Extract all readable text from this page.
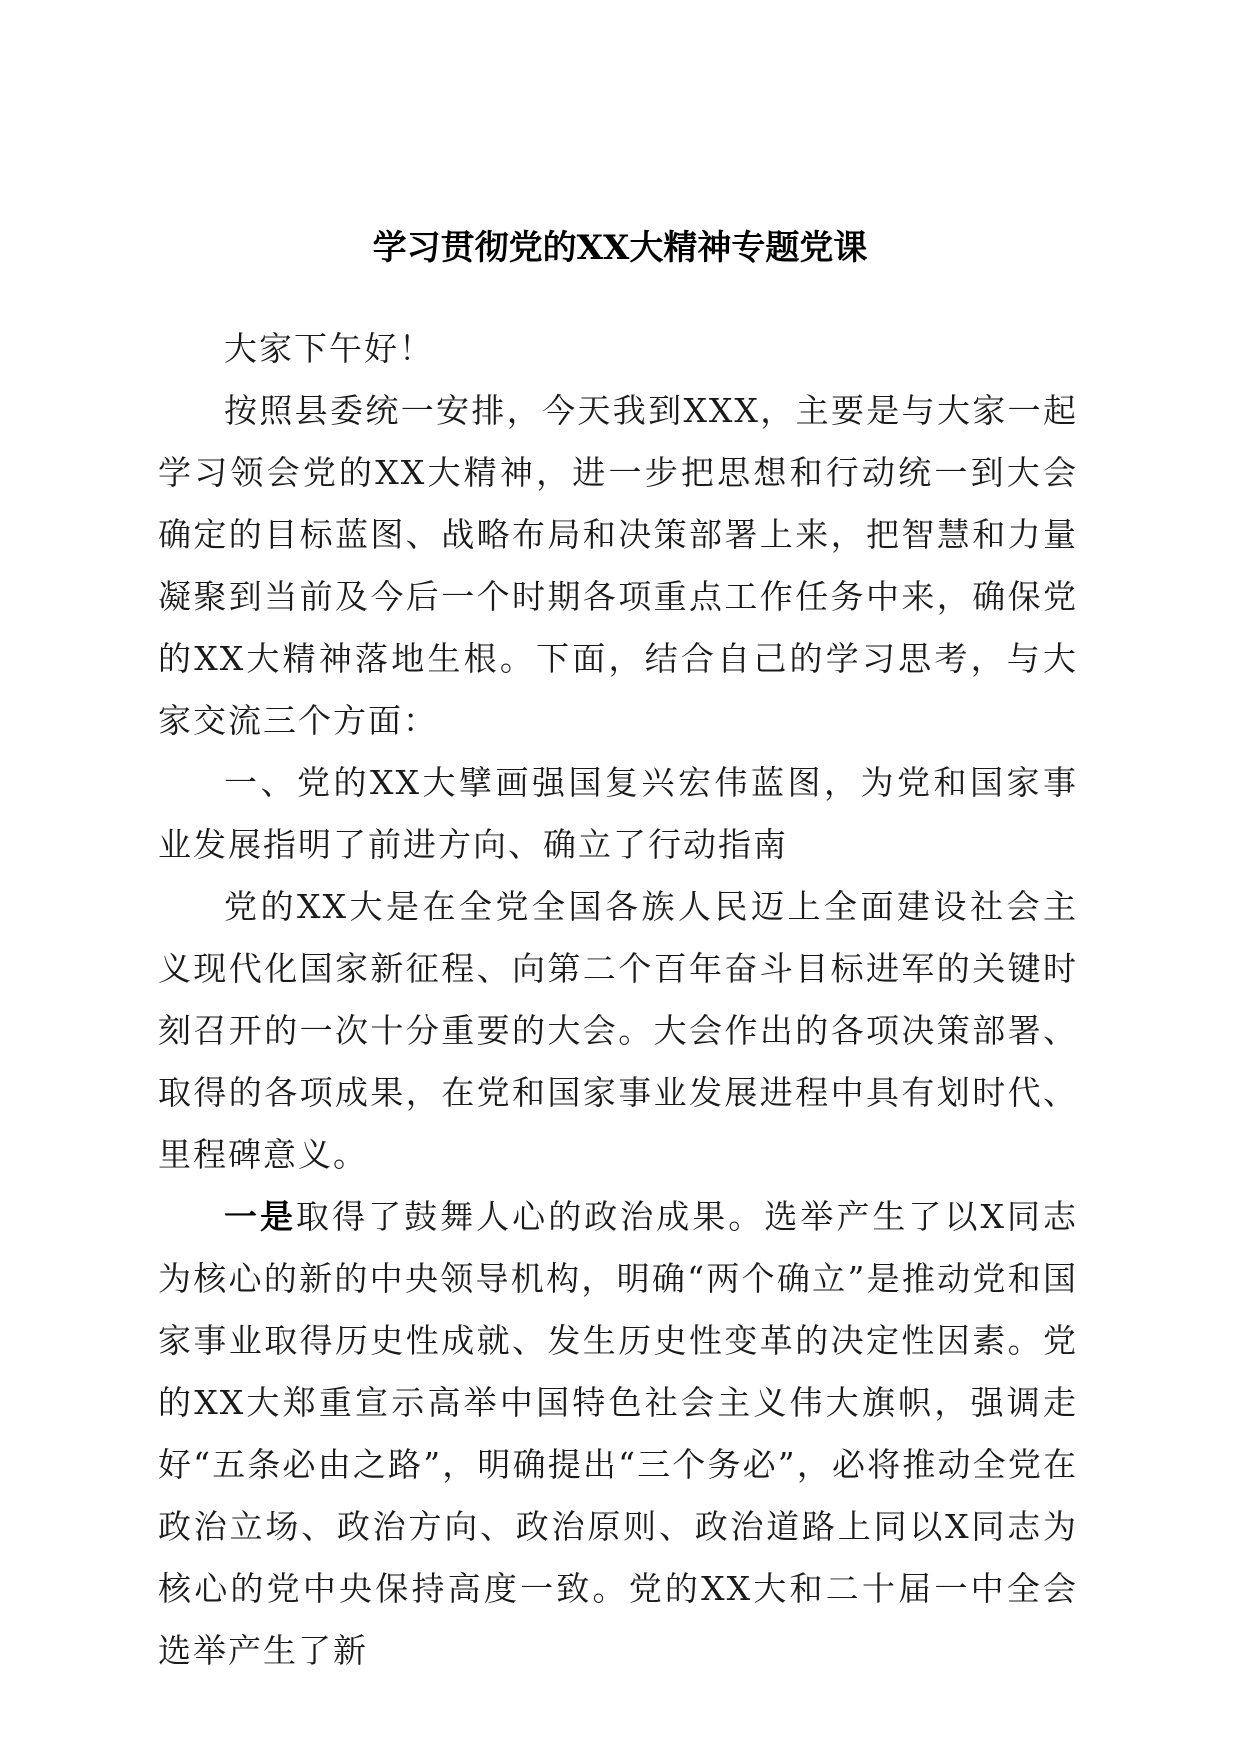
学习贯彻党的XX大精神专题党课

大家下午好！

按照县委统一安排，今天我到XXX，主要是与大家一起学习领会党的XX大精神，进一步把思想和行动统一到大会确定的目标蓝图、战略布局和决策部署上来，把智慧和力量凝聚到当前及今后一个时期各项重点工作任务中来，确保党的XX大精神落地生根。下面，结合自己的学习思考，与大家交流三个方面：

一、党的XX大擘画强国复兴宏伟蓝图，为党和国家事业发展指明了前进方向、确立了行动指南

党的XX大是在全党全国各族人民迈上全面建设社会主义现代化国家新征程、向第二个百年奋斗目标进军的关键时刻召开的一次十分重要的大会。大会作出的各项决策部署、取得的各项成果，在党和国家事业发展进程中具有划时代、里程碑意义。

一是取得了鼓舞人心的政治成果。选举产生了以X同志为核心的新的中央领导机构，明确“两个确立”是推动党和国家事业取得历史性成就、发生历史性变革的决定性因素。党的XX大郑重宣示高举中国特色社会主义伟大旗帜，强调走好“五条必由之路”，明确提出“三个务必”，必将推动全党在政治立场、政治方向、政治原则、政治道路上同以X同志为核心的党中央保持高度一致。党的XX大和二十届一中全会选举产生了新
